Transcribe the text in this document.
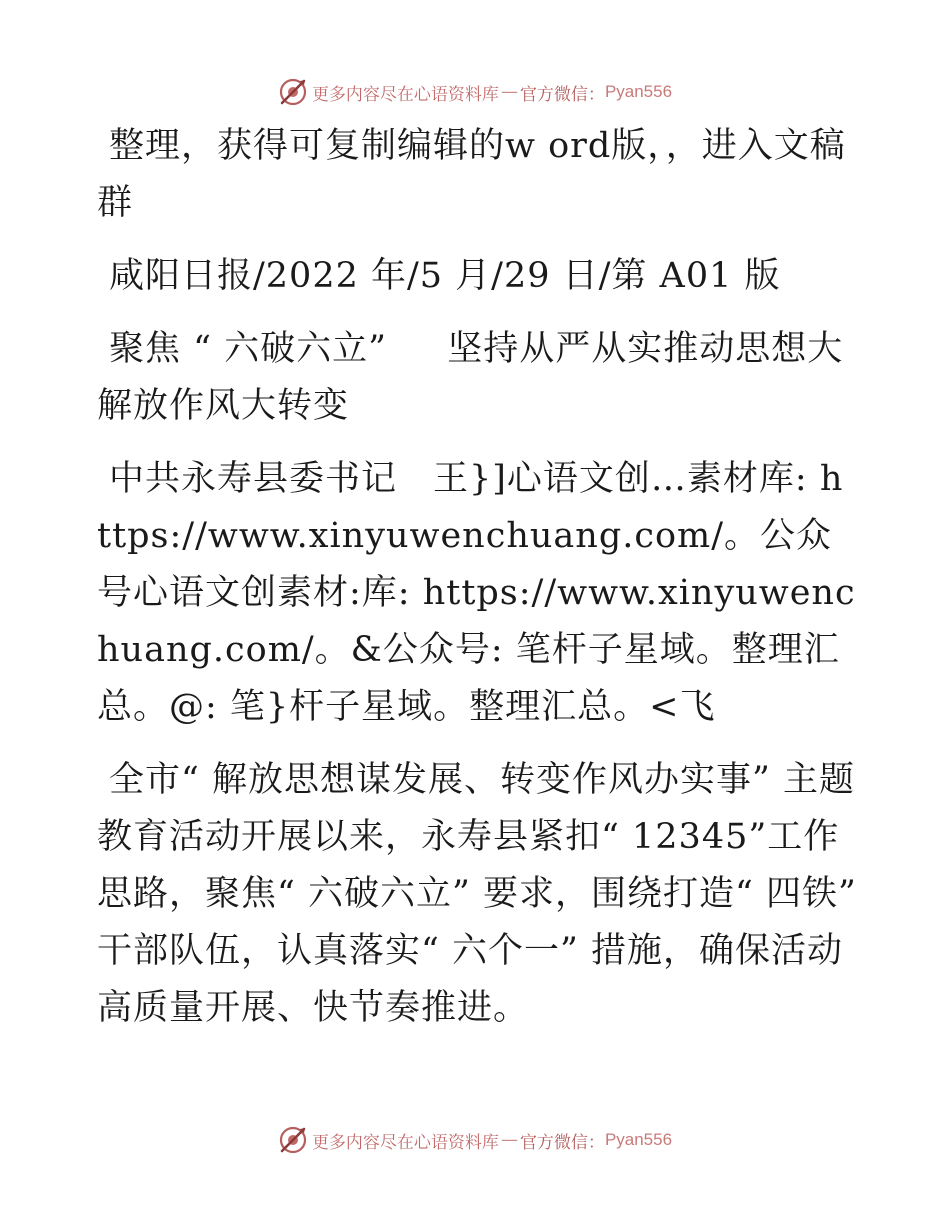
更多内容尽在心语资料库 — 官方微信： Pyan556

整理，获得可复制编辑的w ord版，，进入文稿群

咸阳日报/2022 年/5 月/29 日/第 A01 版

聚焦 “ 六破六立” 　 坚持从严从实推动思想大解放作风大转变

中共永寿县委书记　王}]心语文创…素材库: https://www.xinyuwenchuang.com/。公众号心语文创素材:库: https://www.xinyuwenchuang.com/。&公众号: 笔杆子星域。整理汇总。@: 笔}杆子星域。整理汇总。<飞

全市“ 解放思想谋发展、转变作风办实事” 主题教育活动开展以来，永寿县紧扣“ 12345”工作思路，聚焦“ 六破六立” 要求，围绕打造“ 四铁” 干部队伍，认真落实“ 六个一” 措施，确保活动高质量开展、快节奏推进。

更多内容尽在心语资料库 — 官方微信： Pyan556
